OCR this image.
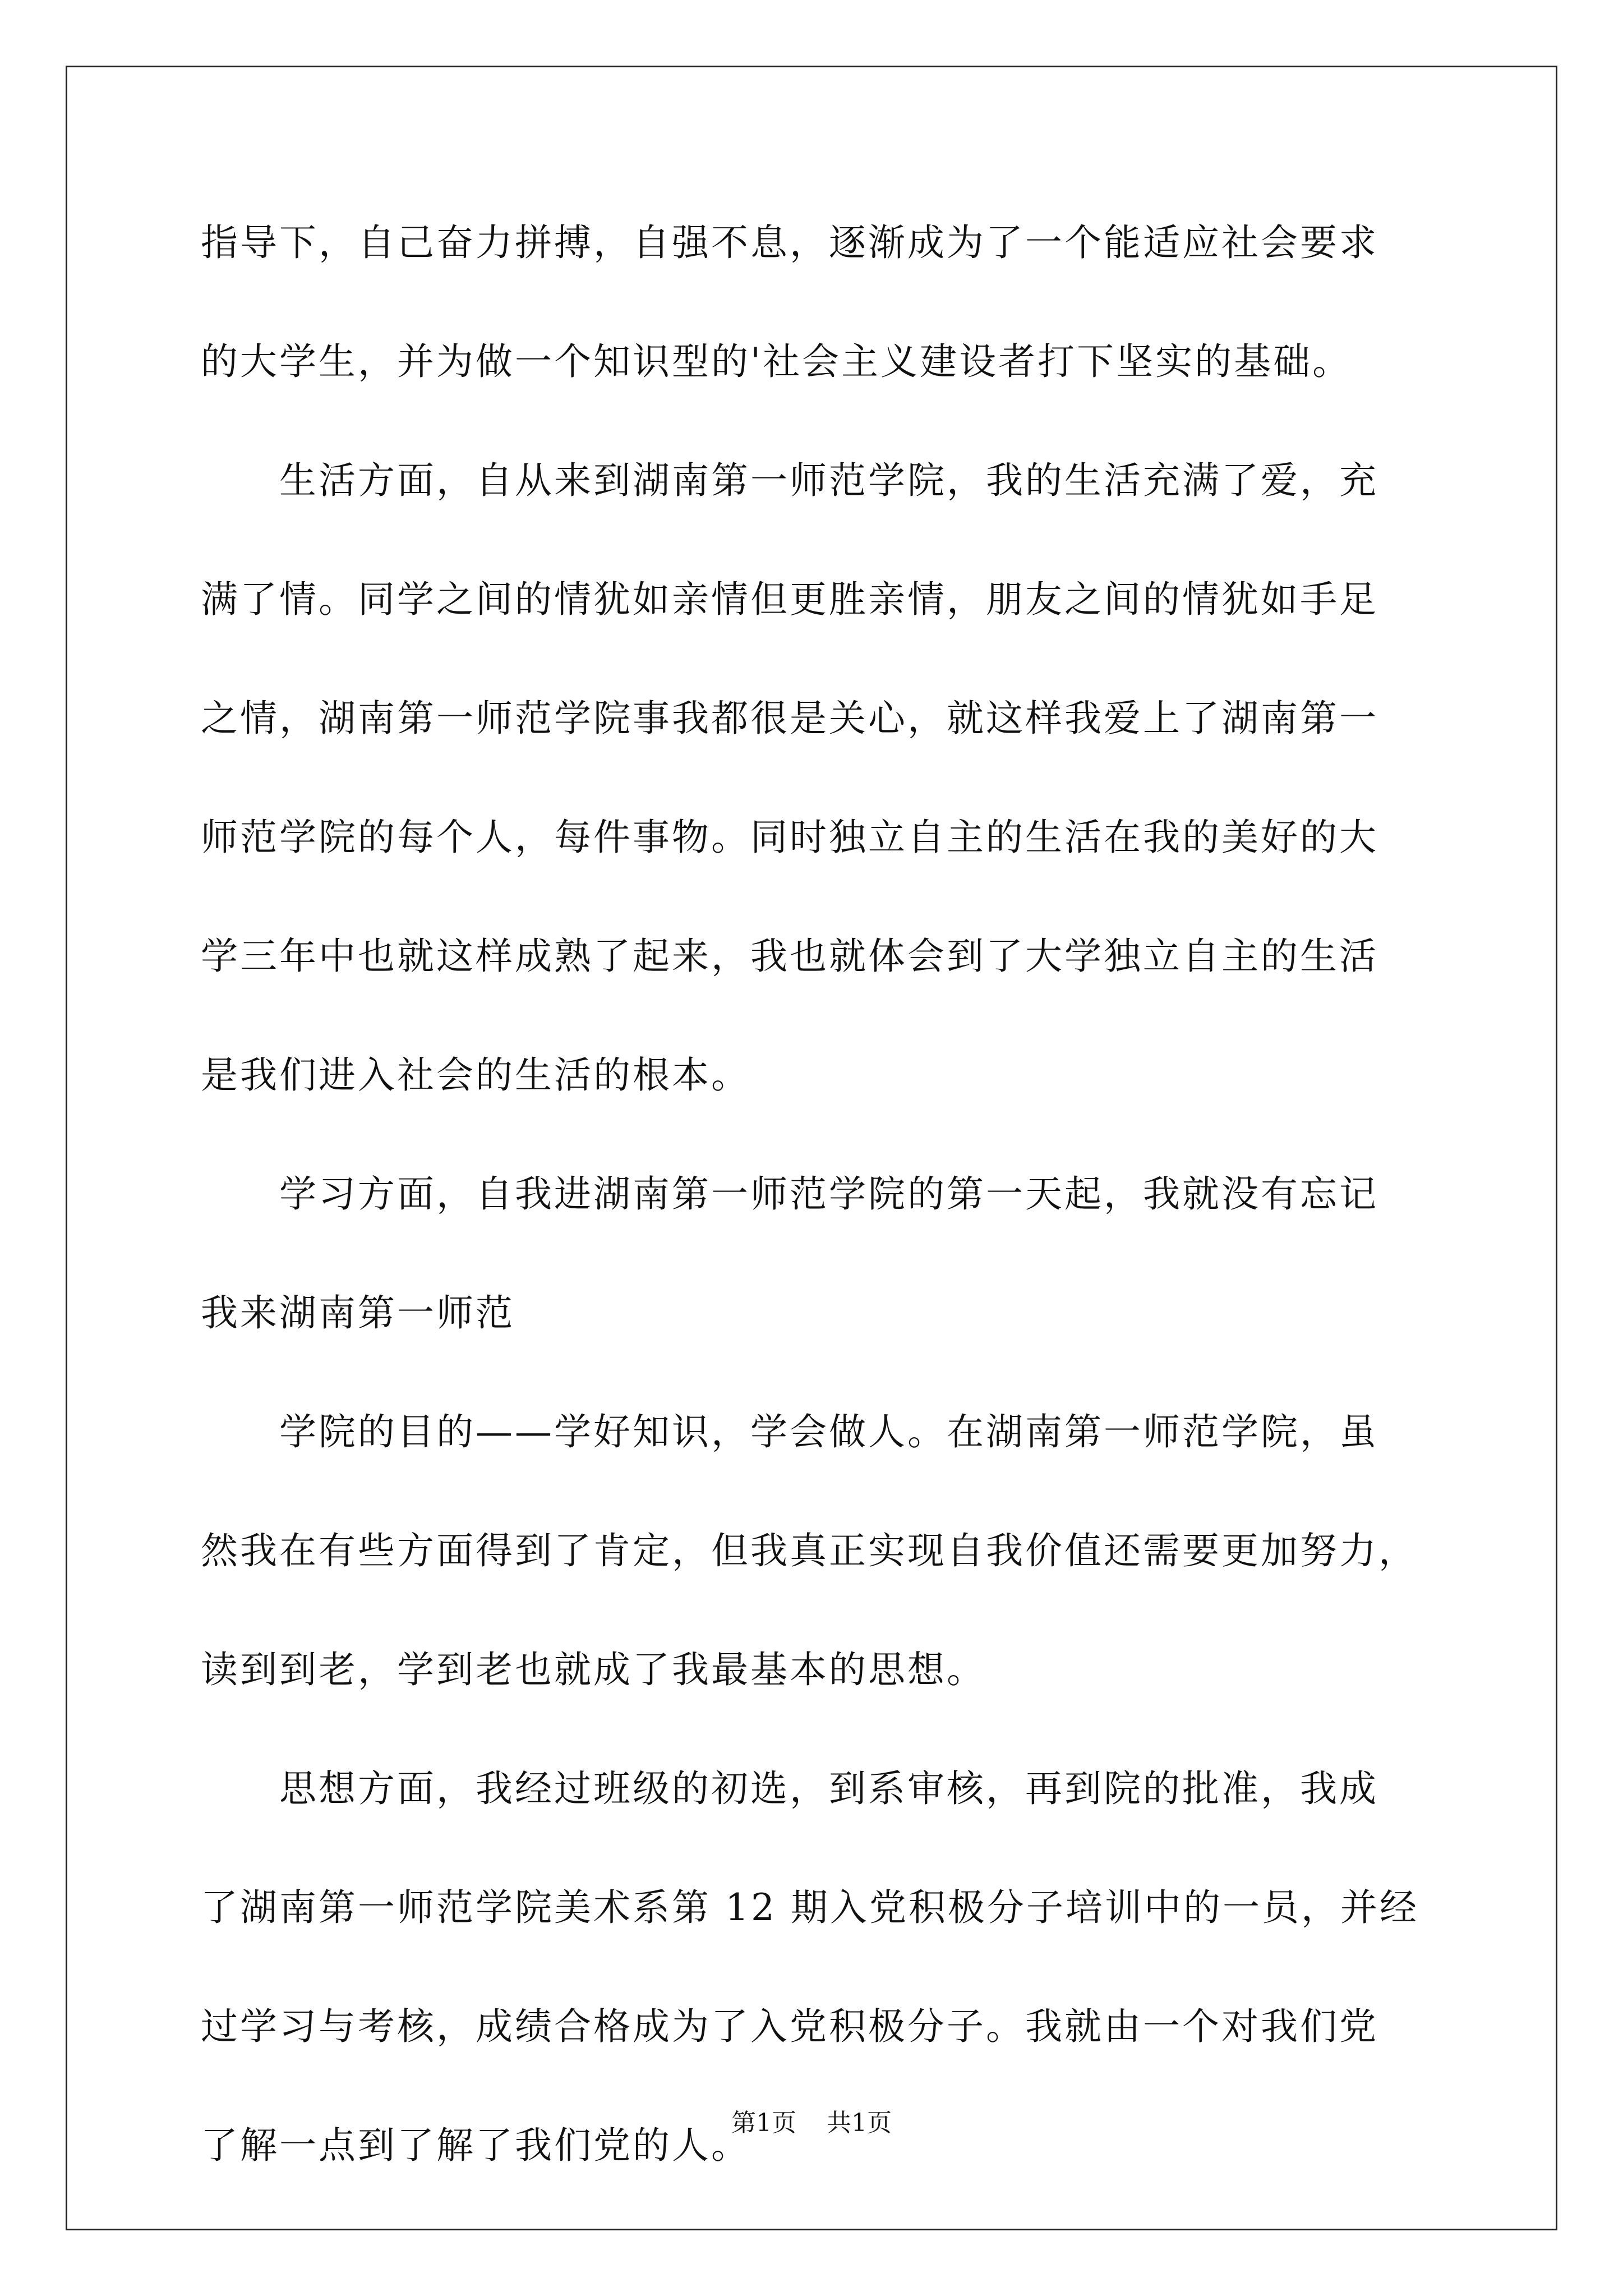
指导下，自己奋力拼搏，自强不息，逐渐成为了一个能适应社会要求
的大学生，并为做一个知识型的'社会主义建设者打下坚实的基础。
　　生活方面，自从来到湖南第一师范学院，我的生活充满了爱，充
满了情。同学之间的情犹如亲情但更胜亲情，朋友之间的情犹如手足
之情，湖南第一师范学院事我都很是关心，就这样我爱上了湖南第一
师范学院的每个人，每件事物。同时独立自主的生活在我的美好的大
学三年中也就这样成熟了起来，我也就体会到了大学独立自主的生活
是我们进入社会的生活的根本。
　　学习方面，自我进湖南第一师范学院的第一天起，我就没有忘记
我来湖南第一师范
　　学院的目的——学好知识，学会做人。在湖南第一师范学院，虽
然我在有些方面得到了肯定，但我真正实现自我价值还需要更加努力，
读到到老，学到老也就成了我最基本的思想。
　　思想方面，我经过班级的初选，到系审核，再到院的批准，我成
了湖南第一师范学院美术系第 12 期入党积极分子培训中的一员，并经
过学习与考核，成绩合格成为了入党积极分子。我就由一个对我们党
了解一点到了解了我们党的人。
第1页 共1页
